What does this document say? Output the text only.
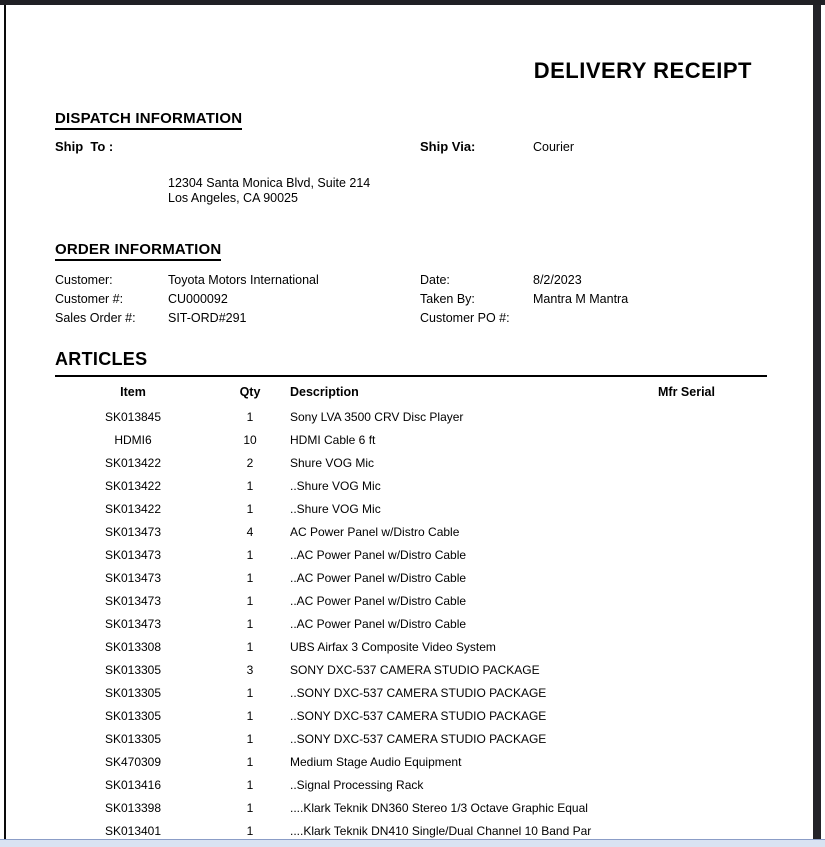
DELIVERY RECEIPT
DISPATCH INFORMATION
Ship  To :	Ship Via:	Courier
12304 Santa Monica Blvd, Suite 214
Los Angeles, CA 90025
ORDER INFORMATION
Customer:	Toyota Motors International	Date:	8/2/2023
Customer #:	CU000092	Taken By:	Mantra M Mantra
Sales Order #:	SIT-ORD#291	Customer PO #:
ARTICLES
Item	Qty	Description	Mfr Serial
SK013845	1	Sony LVA 3500 CRV Disc Player
HDMI6	10	HDMI Cable 6 ft
SK013422	2	Shure VOG Mic
SK013422	1	..Shure VOG Mic
SK013422	1	..Shure VOG Mic
SK013473	4	AC Power Panel w/Distro Cable
SK013473	1	..AC Power Panel w/Distro Cable
SK013473	1	..AC Power Panel w/Distro Cable
SK013473	1	..AC Power Panel w/Distro Cable
SK013473	1	..AC Power Panel w/Distro Cable
SK013308	1	UBS Airfax 3 Composite Video System
SK013305	3	SONY DXC-537 CAMERA STUDIO PACKAGE
SK013305	1	..SONY DXC-537 CAMERA STUDIO PACKAGE
SK013305	1	..SONY DXC-537 CAMERA STUDIO PACKAGE
SK013305	1	..SONY DXC-537 CAMERA STUDIO PACKAGE
SK470309	1	Medium Stage Audio Equipment
SK013416	1	..Signal Processing Rack
SK013398	1	....Klark Teknik DN360 Stereo 1/3 Octave Graphic Equal
SK013401	1	....Klark Teknik DN410 Single/Dual Channel 10 Band Par
